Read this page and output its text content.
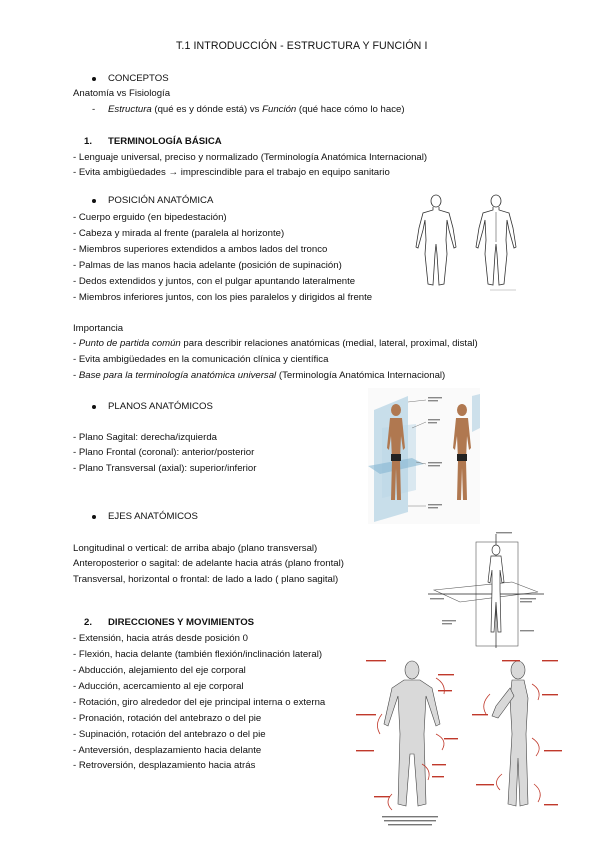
T.1 INTRODUCCIÓN - ESTRUCTURA Y FUNCIÓN I
CONCEPTOS
Anatomía vs Fisiología
- Estructura (qué es y dónde está) vs Función (qué hace cómo lo hace)
1. TERMINOLOGÍA BÁSICA
- Lenguaje universal, preciso y normalizado (Terminología Anatómica Internacional)
- Evita ambigüedades → imprescindible para el trabajo en equipo sanitario
POSICIÓN ANATÓMICA
- Cuerpo erguido (en bipedestación)
- Cabeza y mirada al frente (paralela al horizonte)
- Miembros superiores extendidos a ambos lados del tronco
- Palmas de las manos hacia adelante (posición de supinación)
- Dedos extendidos y juntos, con el pulgar apuntando lateralmente
- Miembros inferiores juntos, con los pies paralelos y dirigidos al frente
Importancia
- Punto de partida común para describir relaciones anatómicas (medial, lateral, proximal, distal)
- Evita ambigüedades en la comunicación clínica y científica
- Base para la terminología anatómica universal (Terminología Anatómica Internacional)
PLANOS ANATÓMICOS
- Plano Sagital: derecha/izquierda
- Plano Frontal (coronal): anterior/posterior
- Plano Transversal (axial): superior/inferior
EJES ANATÓMICOS
Longitudinal o vertical: de arriba abajo (plano transversal)
Anteroposterior o sagital: de adelante hacia atrás (plano frontal)
Transversal, horizontal o frontal: de lado a lado ( plano sagital)
2. DIRECCIONES Y MOVIMIENTOS
- Extensión, hacia atrás desde posición 0
- Flexión, hacia delante (también flexión/inclinación lateral)
- Abducción, alejamiento del eje corporal
- Aducción, acercamiento al eje corporal
- Rotación, giro alrededor del eje principal interna o externa
- Pronación, rotación del antebrazo o del pie
- Supinación, rotación del antebrazo o del pie
- Anteversión, desplazamiento hacia delante
- Retroversión, desplazamiento hacia atrás
